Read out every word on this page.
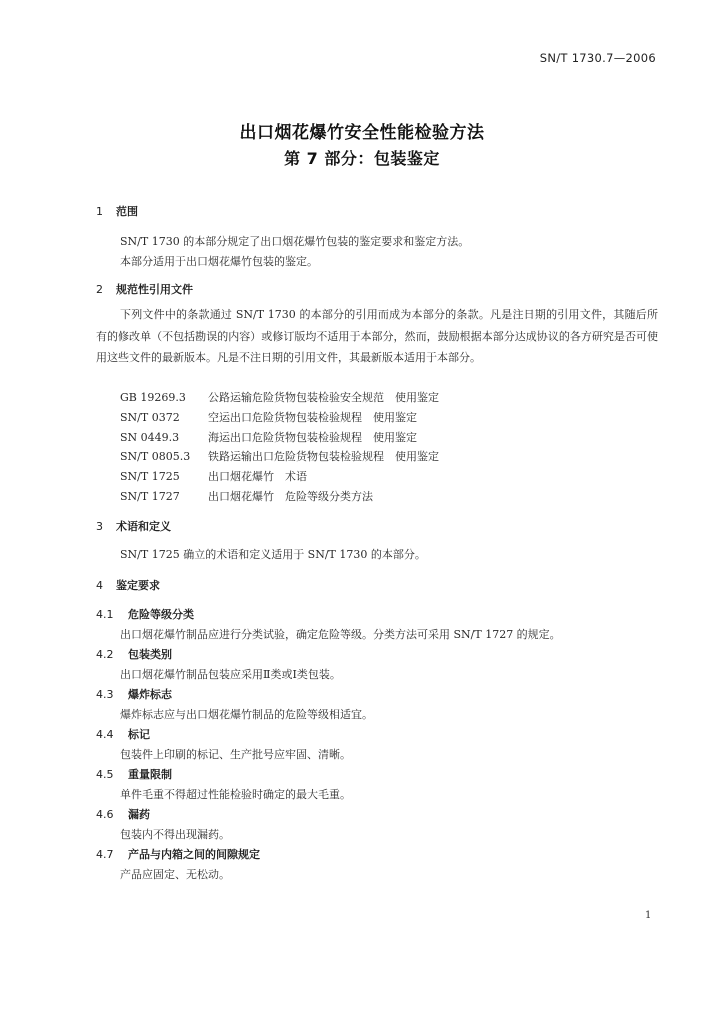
SN/T 1730.7—2006
出口烟花爆竹安全性能检验方法
第 7 部分：包装鉴定
1 范围
SN/T 1730 的本部分规定了出口烟花爆竹包装的鉴定要求和鉴定方法。
本部分适用于出口烟花爆竹包装的鉴定。
2 规范性引用文件
下列文件中的条款通过 SN/T 1730 的本部分的引用而成为本部分的条款。凡是注日期的引用文件，其随后所有的修改单（不包括勘误的内容）或修订版均不适用于本部分，然而，鼓励根据本部分达成协议的各方研究是否可使用这些文件的最新版本。凡是不注日期的引用文件，其最新版本适用于本部分。
GB 19269.3 公路运输危险货物包装检验安全规范　使用鉴定
SN/T 0372	空运出口危险货物包装检验规程　使用鉴定
SN 0449.3	海运出口危险货物包装检验规程　使用鉴定
SN/T 0805.3 铁路运输出口危险货物包装检验规程　使用鉴定
SN/T 1725	出口烟花爆竹　术语
SN/T 1727	出口烟花爆竹　危险等级分类方法
3 术语和定义
SN/T 1725 确立的术语和定义适用于 SN/T 1730 的本部分。
4 鉴定要求
4.1 危险等级分类
出口烟花爆竹制品应进行分类试验，确定危险等级。分类方法可采用 SN/T 1727 的规定。
4.2 包装类别
出口烟花爆竹制品包装应采用Ⅱ类或Ⅰ类包装。
4.3 爆炸标志
爆炸标志应与出口烟花爆竹制品的危险等级相适宜。
4.4 标记
包装件上印刷的标记、生产批号应牢固、清晰。
4.5 重量限制
单件毛重不得超过性能检验时确定的最大毛重。
4.6 漏药
包装内不得出现漏药。
4.7 产品与内箱之间的间隙规定
产品应固定、无松动。
1
